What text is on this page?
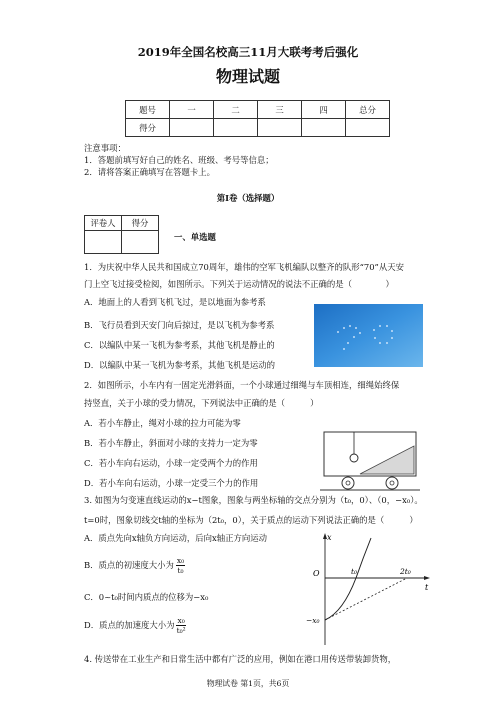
2019年全国名校高三11月大联考考后强化
物理试题
题号	一	二	三	四	总分
得分					
注意事项：
1．答题前填写好自己的姓名、班级、考号等信息；
2．请将答案正确填写在答题卡上。
第I卷（选择题）
评卷人	得分

一、单选题
1．为庆祝中华人民共和国成立70周年，雄伟的空军飞机编队以整齐的队形“70”从天安
门上空飞过接受检阅，如图所示。下列关于运动情况的说法不正确的是（　　　　）
A．地面上的人看到飞机飞过，是以地面为参考系
B．飞行员看到天安门向后掠过，是以飞机为参考系
C．以编队中某一飞机为参考系，其他飞机是静止的
D．以编队中某一飞机为参考系，其他飞机是运动的
2．如图所示，小车内有一固定光滑斜面，一个小球通过细绳与车顶相连，细绳始终保
持竖直，关于小球的受力情况，下列说法中正确的是（　　　）
A．若小车静止，绳对小球的拉力可能为零
B．若小车静止，斜面对小球的支持力一定为零
C．若小车向右运动，小球一定受两个力的作用
D．若小车向右运动，小球一定受三个力的作用
3. 如图为匀变速直线运动的x−t图象，图象与两坐标轴的交点分别为（t₀，0）、（0，−x₀）。
t=0时，图象切线交t轴的坐标为（2t₀，0），关于质点的运动下列说法正确的是（　　　）
A．质点先向x轴负方向运动，后向x轴正方向运动
B．质点的初速度大小为 $\frac{\text{x₀}}{\text{t₀}}$
C．0~t₀时间内质点的位移为−x₀
D．质点的加速度大小为 $\frac{\text{x₀}}{\text{t₀²}}$
x
t
O	t₀	2t₀
−x₀
4. 传送带在工业生产和日常生活中都有广泛的应用，例如在港口用传送带装卸货物，
物理试卷 第1页，共6页
